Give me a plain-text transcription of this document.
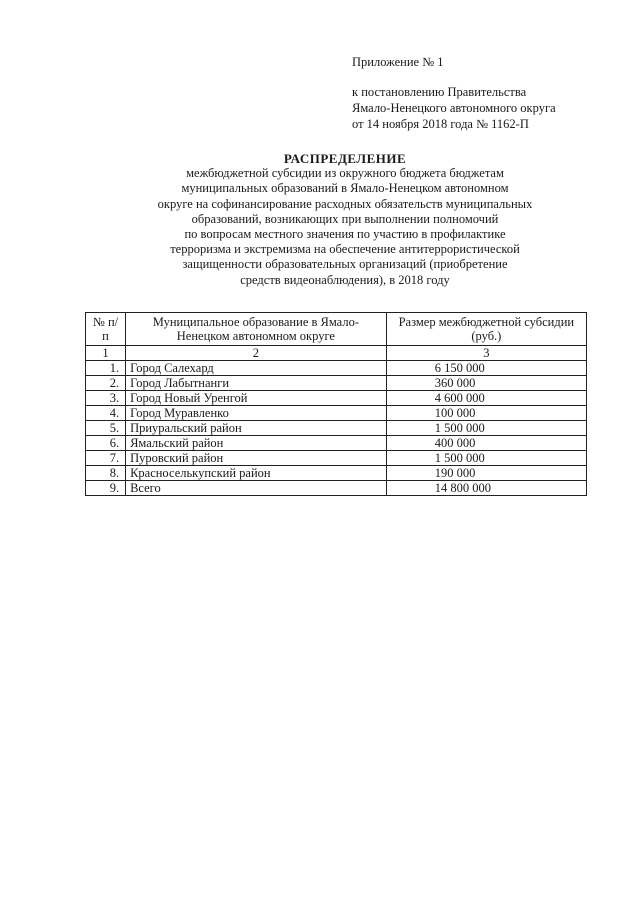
Приложение № 1
к постановлению Правительства
Ямало-Ненецкого автономного округа
от 14 ноября 2018 года № 1162-П
РАСПРЕДЕЛЕНИЕ
межбюджетной субсидии из окружного бюджета бюджетам
муниципальных образований в Ямало-Ненецком автономном
округе на софинансирование расходных обязательств муниципальных
образований, возникающих при выполнении полномочий
по вопросам местного значения по участию в профилактике
терроризма и экстремизма на обеспечение антитеррористической
защищенности образовательных организаций (приобретение
средств видеонаблюдения), в 2018 году
№ п/п	Муниципальное образование в Ямало-Ненецком автономном округе	Размер межбюджетной субсидии (руб.)
1	2	3
1.	Город Салехард	6 150 000
2.	Город Лабытнанги	360 000
3.	Город Новый Уренгой	4 600 000
4.	Город Муравленко	100 000
5.	Приуральский район	1 500 000
6.	Ямальский район	400 000
7.	Пуровский район	1 500 000
8.	Красноселькупский район	190 000
9.	Всего	14 800 000
